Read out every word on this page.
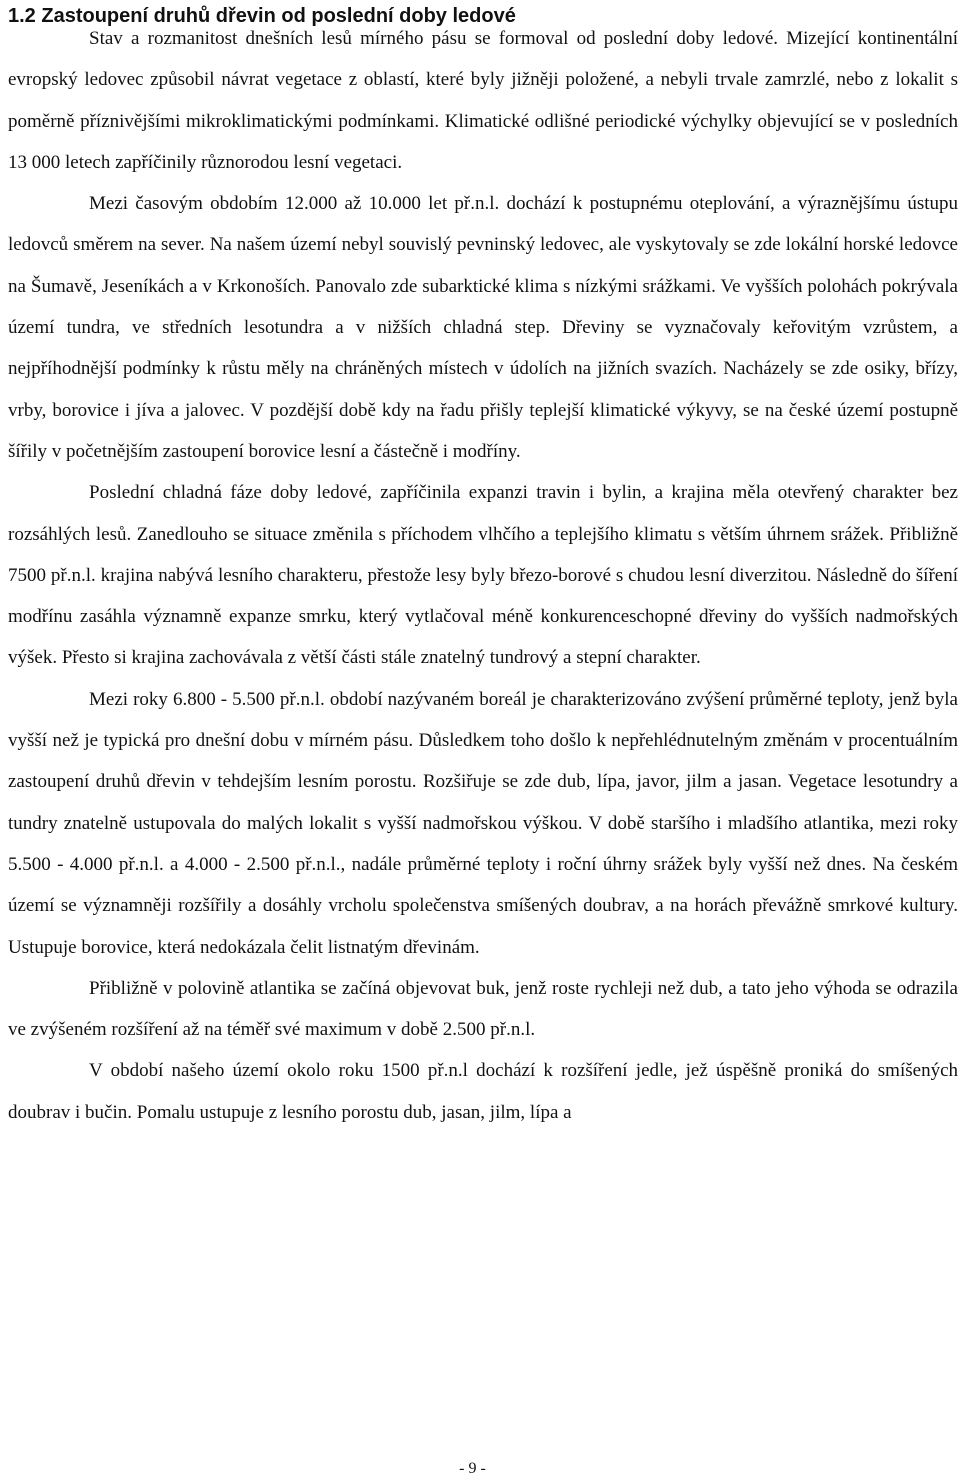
1.2 Zastoupení druhů dřevin od poslední doby ledové

Stav a rozmanitost dnešních lesů mírného pásu se formoval od poslední doby ledové. Mizející kontinentální evropský ledovec způsobil návrat vegetace z oblastí, které byly jižněji položené, a nebyli trvale zamrzlé, nebo z lokalit s poměrně příznivějšími mikroklimatickými podmínkami. Klimatické odlišné periodické výchylky objevující se v posledních 13 000 letech zapříčinily různorodou lesní vegetaci.

Mezi časovým obdobím 12.000 až 10.000 let př.n.l. dochází k postupnému oteplování, a výraznějšímu ústupu ledovců směrem na sever. Na našem území nebyl souvislý pevninský ledovec, ale vyskytovaly se zde lokální horské ledovce na Šumavě, Jeseníkách a v Krkonoších. Panovalo zde subarktické klima s nízkými srážkami. Ve vyšších polohách pokrývala území tundra, ve středních lesotundra a v nižších chladná step. Dřeviny se vyznačovaly keřovitým vzrůstem, a nejpříhodnější podmínky k růstu měly na chráněných místech v údolích na jižních svazích. Nacházely se zde osiky, břízy, vrby, borovice i jíva a jalovec. V pozdější době kdy na řadu přišly teplejší klimatické výkyvy, se na české území postupně šířily v početnějším zastoupení borovice lesní a částečně i modříny.

Poslední chladná fáze doby ledové, zapříčinila expanzi travin i bylin, a krajina měla otevřený charakter bez rozsáhlých lesů. Zanedlouho se situace změnila s příchodem vlhčího a teplejšího klimatu s větším úhrnem srážek. Přibližně 7500 př.n.l. krajina nabývá lesního charakteru, přestože lesy byly březo-borové s chudou lesní diverzitou. Následně do šíření modřínu zasáhla významně expanze smrku, který vytlačoval méně konkurenceschopné dřeviny do vyšších nadmořských výšek. Přesto si krajina zachovávala z větší části stále znatelný tundrový a stepní charakter.

Mezi roky 6.800 - 5.500 př.n.l. období nazývaném boreál je charakterizováno zvýšení průměrné teploty, jenž byla vyšší než je typická pro dnešní dobu v mírném pásu. Důsledkem toho došlo k nepřehlédnutelným změnám v procentuálním zastoupení druhů dřevin v tehdejším lesním porostu. Rozšiřuje se zde dub, lípa, javor, jilm a jasan. Vegetace lesotundry a tundry znatelně ustupovala do malých lokalit s vyšší nadmořskou výškou. V době staršího i mladšího atlantika, mezi roky 5.500 - 4.000 př.n.l. a 4.000 - 2.500 př.n.l., nadále průměrné teploty i roční úhrny srážek byly vyšší než dnes. Na českém území se významněji rozšířily a dosáhly vrcholu společenstva smíšených doubrav, a na horách převážně smrkové kultury. Ustupuje borovice, která nedokázala čelit listnatým dřevinám.

Přibližně v polovině atlantika se začíná objevovat buk, jenž roste rychleji než dub, a tato jeho výhoda se odrazila ve zvýšeném rozšíření až na téměř své maximum v době 2.500 př.n.l.

V období našeho území okolo roku 1500 př.n.l dochází k rozšíření jedle, jež úspěšně proniká do smíšených doubrav i bučin. Pomalu ustupuje z lesního porostu dub, jasan, jilm, lípa a

- 9 -
